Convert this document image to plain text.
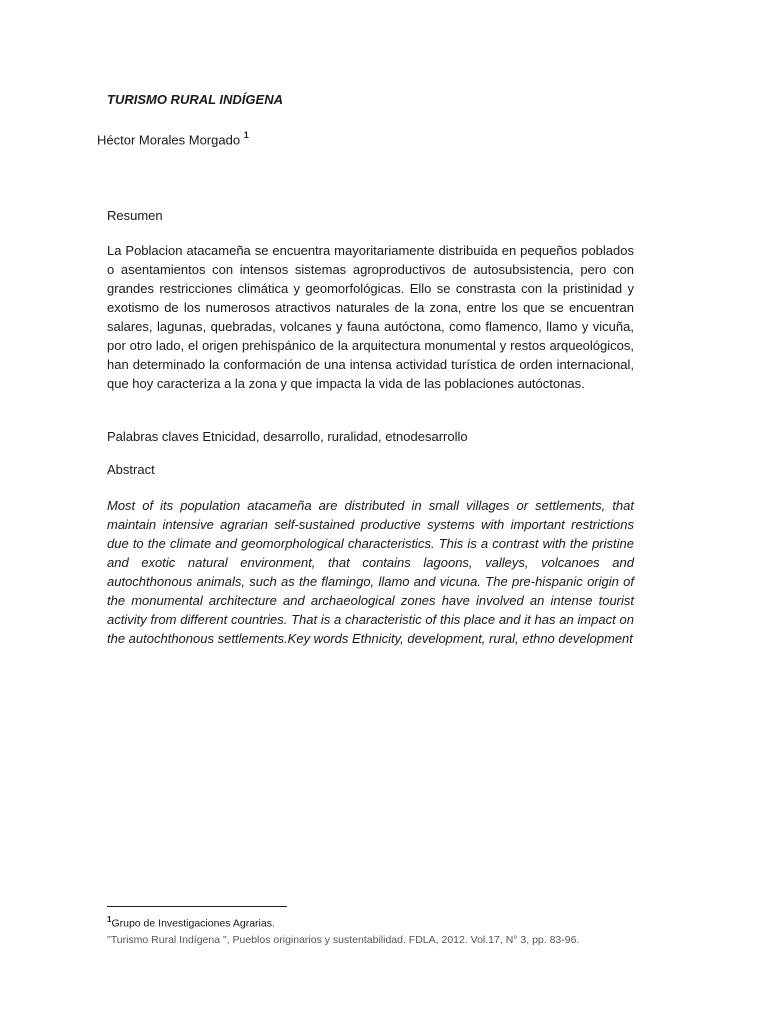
TURISMO RURAL INDÍGENA

Héctor Morales Morgado $^1$

Resumen

La Poblacion atacameña se encuentra mayoritariamente distribuida en pequeños poblados o asentamientos con intensos sistemas agroproductivos de autosubsistencia, pero con grandes restricciones climática y geomorfológicas. Ello se constrasta con la pristinidad y exotismo de los numerosos atractivos naturales de la zona, entre los que se encuentran salares, lagunas, quebradas, volcanes y fauna autóctona, como flamenco, llamo y vicuña, por otro lado, el origen prehispánico de la arquitectura monumental y restos arqueológicos, han determinado la conformación de una intensa actividad turística de orden internacional, que hoy caracteriza a la zona y que impacta la vida de las poblaciones autóctonas.

Palabras claves Etnicidad, desarrollo, ruralidad, etnodesarrollo

Abstract

Most of its population atacameña are distributed in small villages or settlements, that maintain intensive agrarian self-sustained productive systems with important restrictions due to the climate and geomorphological characteristics. This is a contrast with the pristine and exotic natural environment, that contains lagoons, valleys, volcanoes and autochthonous animals, such as the flamingo, llamo and vicuna. The pre-hispanic origin of the monumental architecture and archaeological zones have involved an intense tourist activity from different countries. That is a characteristic of this place and it has an impact on the autochthonous settlements.Key words Ethnicity, development, rural, ethno development

$^1$Grupo de Investigaciones Agrarias.

"Turismo Rural Indígena ", Pueblos originarios y sustentabilidad. FDLA, 2012. Vol.17, N° 3, pp. 83-96.
